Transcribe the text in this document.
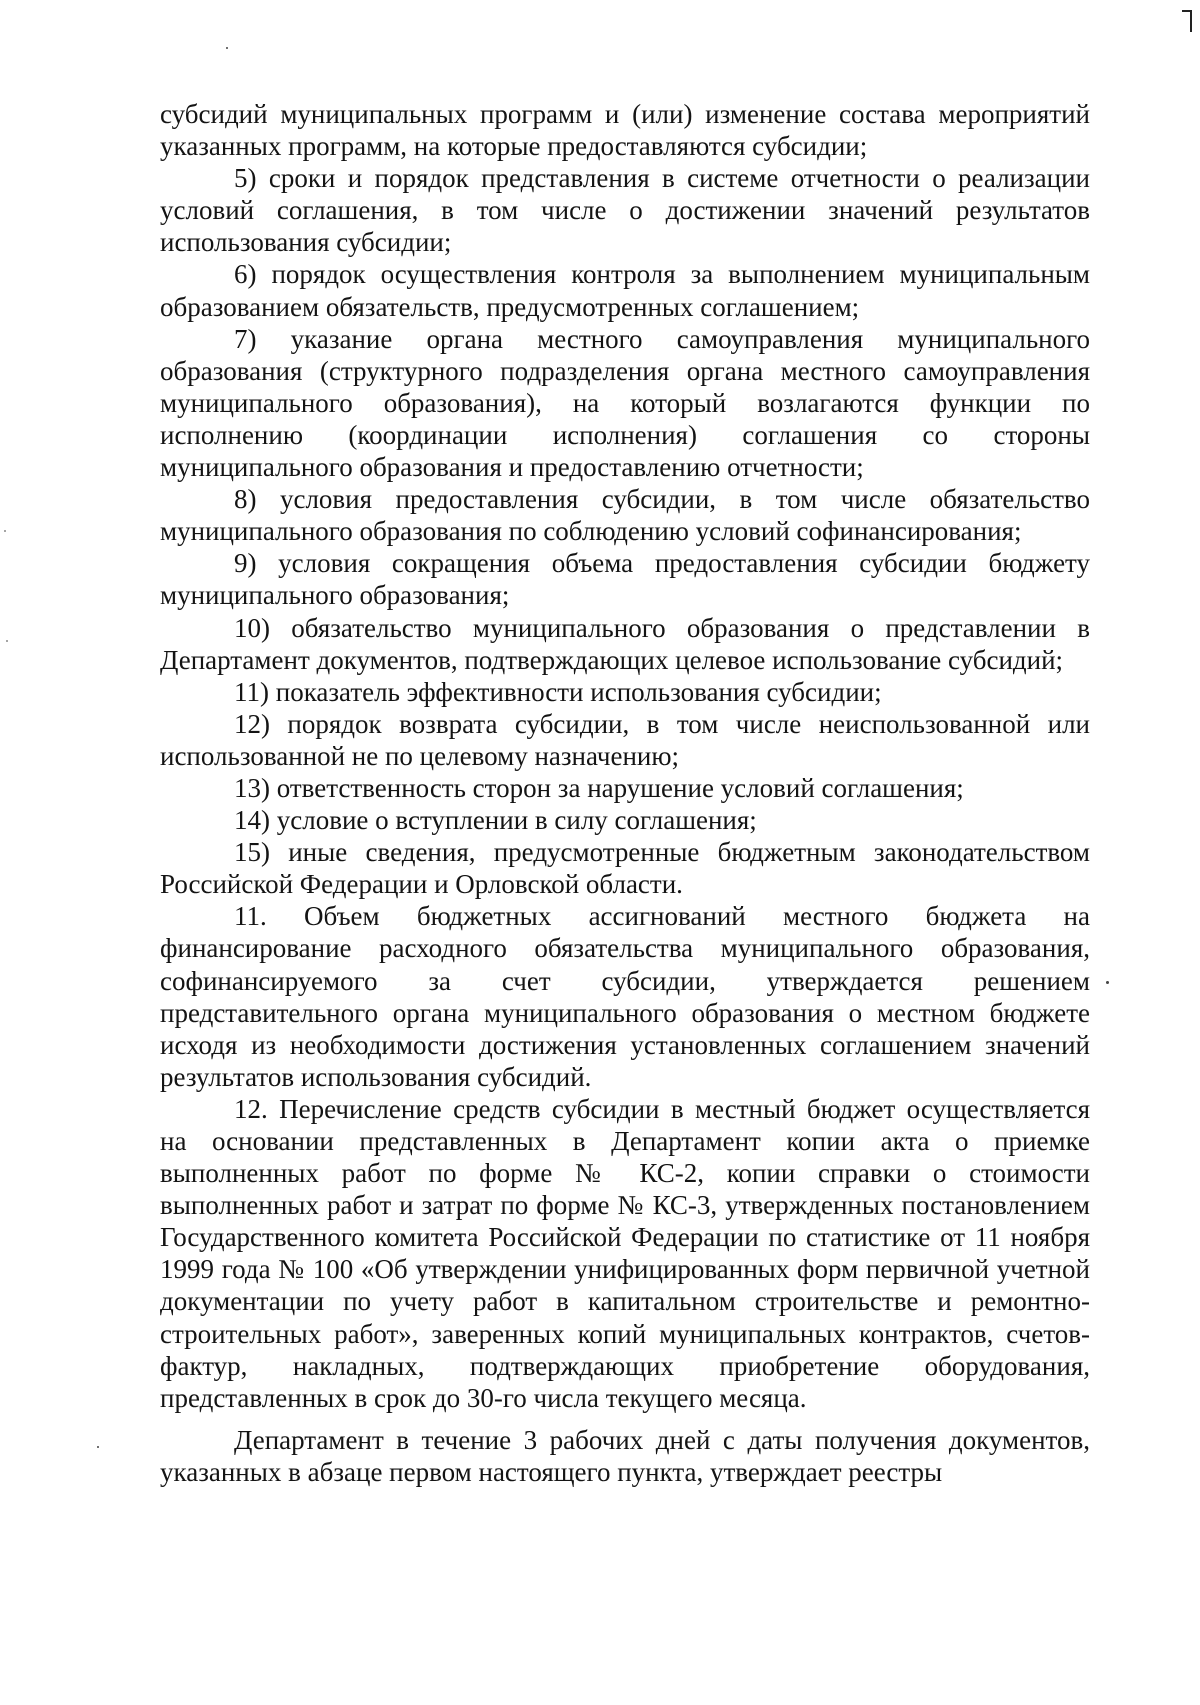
субсидий муниципальных программ и (или) изменение состава мероприятий указанных программ, на которые предоставляются субсидии;

5) сроки и порядок представления в системе отчетности о реализации условий соглашения, в том числе о достижении значений результатов использования субсидии;

6) порядок осуществления контроля за выполнением муниципальным образованием обязательств, предусмотренных соглашением;

7) указание органа местного самоуправления муниципального образования (структурного подразделения органа местного самоуправления муниципального образования), на который возлагаются функции по исполнению (координации исполнения) соглашения со стороны муниципального образования и предоставлению отчетности;

8) условия предоставления субсидии, в том числе обязательство муниципального образования по соблюдению условий софинансирования;

9) условия сокращения объема предоставления субсидии бюджету муниципального образования;

10) обязательство муниципального образования о представлении в Департамент документов, подтверждающих целевое использование субсидий;

11) показатель эффективности использования субсидии;

12) порядок возврата субсидии, в том числе неиспользованной или использованной не по целевому назначению;

13) ответственность сторон за нарушение условий соглашения;

14) условие о вступлении в силу соглашения;

15) иные сведения, предусмотренные бюджетным законодательством Российской Федерации и Орловской области.

11. Объем бюджетных ассигнований местного бюджета на финансирование расходного обязательства муниципального образования, софинансируемого за счет субсидии, утверждается решением представительного органа муниципального образования о местном бюджете исходя из необходимости достижения установленных соглашением значений результатов использования субсидий.

12. Перечисление средств субсидии в местный бюджет осуществляется на основании представленных в Департамент копии акта о приемке выполненных работ по форме № КС-2, копии справки о стоимости выполненных работ и затрат по форме № КС-3, утвержденных постановлением Государственного комитета Российской Федерации по статистике от 11 ноября 1999 года № 100 «Об утверждении унифицированных форм первичной учетной документации по учету работ в капитальном строительстве и ремонтно-строительных работ», заверенных копий муниципальных контрактов, счетов-фактур, накладных, подтверждающих приобретение оборудования, представленных в срок до 30-го числа текущего месяца.

Департамент в течение 3 рабочих дней с даты получения документов, указанных в абзаце первом настоящего пункта, утверждает реестры
